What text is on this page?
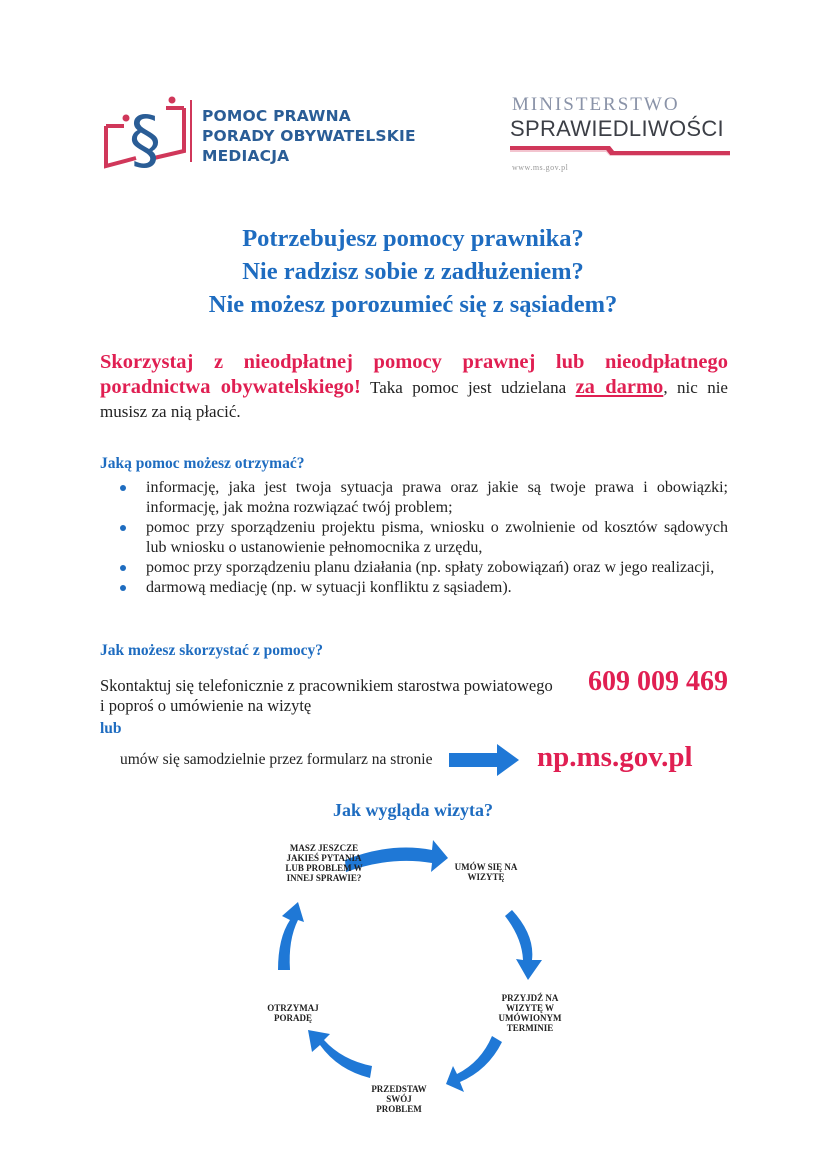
§	POMOC PRAWNA
PORADY OBYWATELSKIE
MEDIACJA
MINISTERSTWO
SPRAWIEDLIWOŚCI
www.ms.gov.pl
Potrzebujesz pomocy prawnika?
Nie radzisz sobie z zadłużeniem?
Nie możesz porozumieć się z sąsiadem?
Skorzystaj z nieodpłatnej pomocy prawnej lub nieodpłatnego poradnictwa obywatelskiego! Taka pomoc jest udzielana za darmo, nic nie musisz za nią płacić.
Jaką pomoc możesz otrzymać?
informację, jaka jest twoja sytuacja prawa oraz jakie są twoje prawa i obowiązki; informację, jak można rozwiązać twój problem;
pomoc przy sporządzeniu projektu pisma, wniosku o zwolnienie od kosztów sądowych lub wniosku o ustanowienie pełnomocnika z urzędu,
pomoc przy sporządzeniu planu działania (np. spłaty zobowiązań) oraz w jego realizacji,
darmową mediację (np. w sytuacji konfliktu z sąsiadem).
Jak możesz skorzystać z pomocy?
Skontaktuj się telefonicznie z pracownikiem starostwa powiatowego 609 009 469
i poproś o umówienie na wizytę
lub
umów się samodzielnie przez formularz na stronie	np.ms.gov.pl
Jak wygląda wizyta?
MASZ JESZCZE JAKIEŚ PYTANIA LUB PROBLEM W INNEJ SPRAWIE?
UMÓW SIĘ NA WIZYTĘ
PRZYJDŹ NA WIZYTĘ W UMÓWIONYM TERMINIE
PRZEDSTAW SWÓJ PROBLEM
OTRZYMAJ PORADĘ
